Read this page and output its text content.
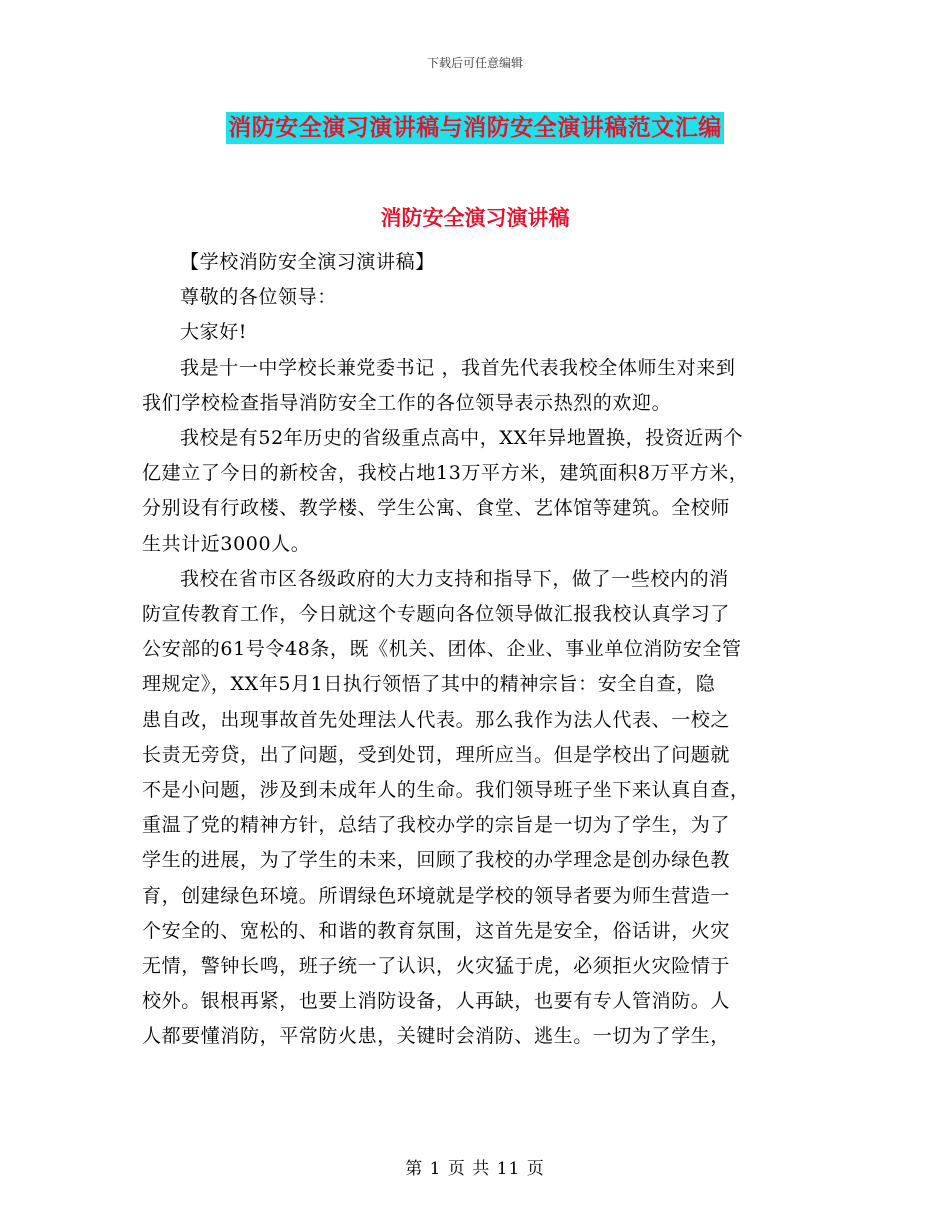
下载后可任意编辑
消防安全演习演讲稿与消防安全演讲稿范文汇编
消防安全演习演讲稿

【学校消防安全演习演讲稿】

尊敬的各位领导：

大家好!

我是十一中学校长兼党委书记 ，我首先代表我校全体师生对来到
我们学校检查指导消防安全工作的各位领导表示热烈的欢迎。

我校是有52年历史的省级重点高中，XX年异地置换，投资近两个
亿建立了今日的新校舍，我校占地13万平方米，建筑面积8万平方米，
分别设有行政楼、教学楼、学生公寓、食堂、艺体馆等建筑。全校师
生共计近3000人。

我校在省市区各级政府的大力支持和指导下，做了一些校内的消
防宣传教育工作，今日就这个专题向各位领导做汇报我校认真学习了
公安部的61号令48条，既《机关、团体、企业、事业单位消防安全管
理规定》，XX年5月1日执行领悟了其中的精神宗旨：安全自查，隐
患自改，出现事故首先处理法人代表。那么我作为法人代表、一校之
长责无旁贷，出了问题，受到处罚，理所应当。但是学校出了问题就
不是小问题，涉及到未成年人的生命。我们领导班子坐下来认真自查，
重温了党的精神方针，总结了我校办学的宗旨是一切为了学生，为了
学生的进展，为了学生的未来，回顾了我校的办学理念是创办绿色教
育，创建绿色环境。所谓绿色环境就是学校的领导者要为师生营造一
个安全的、宽松的、和谐的教育氛围，这首先是安全，俗话讲，火灾
无情，警钟长鸣，班子统一了认识，火灾猛于虎，必须拒火灾险情于
校外。银根再紧，也要上消防设备，人再缺，也要有专人管消防。人
人都要懂消防，平常防火患，关键时会消防、逃生。一切为了学生，

第 1 页 共 11 页
